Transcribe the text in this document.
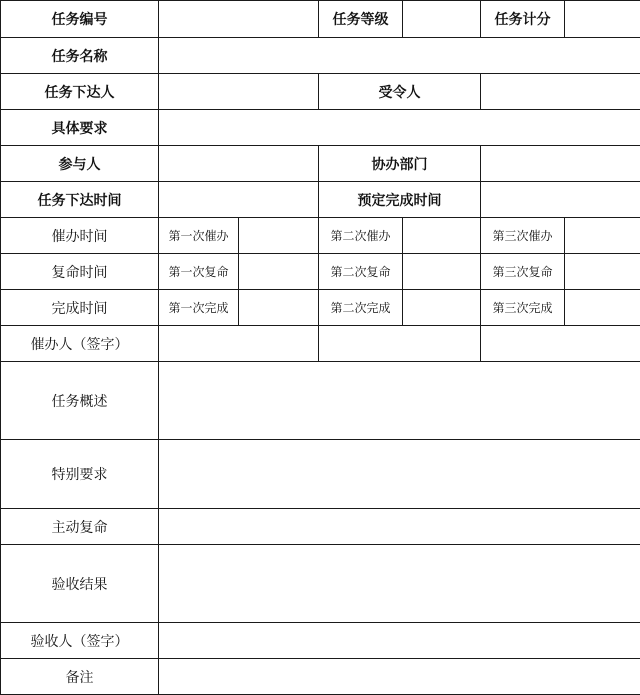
任务编号			任务等级		任务计分	
任务名称						
任务下达人			受令人			
具体要求						
参与人			协办部门			
任务下达时间			预定完成时间			
催办时间	第一次催办		第二次催办		第三次催办	
复命时间	第一次复命		第二次复命		第三次复命	
完成时间	第一次完成		第二次完成		第三次完成	
催办人（签字）						
任务概述						
特别要求						
主动复命						
验收结果						
验收人（签字）						
备注						
